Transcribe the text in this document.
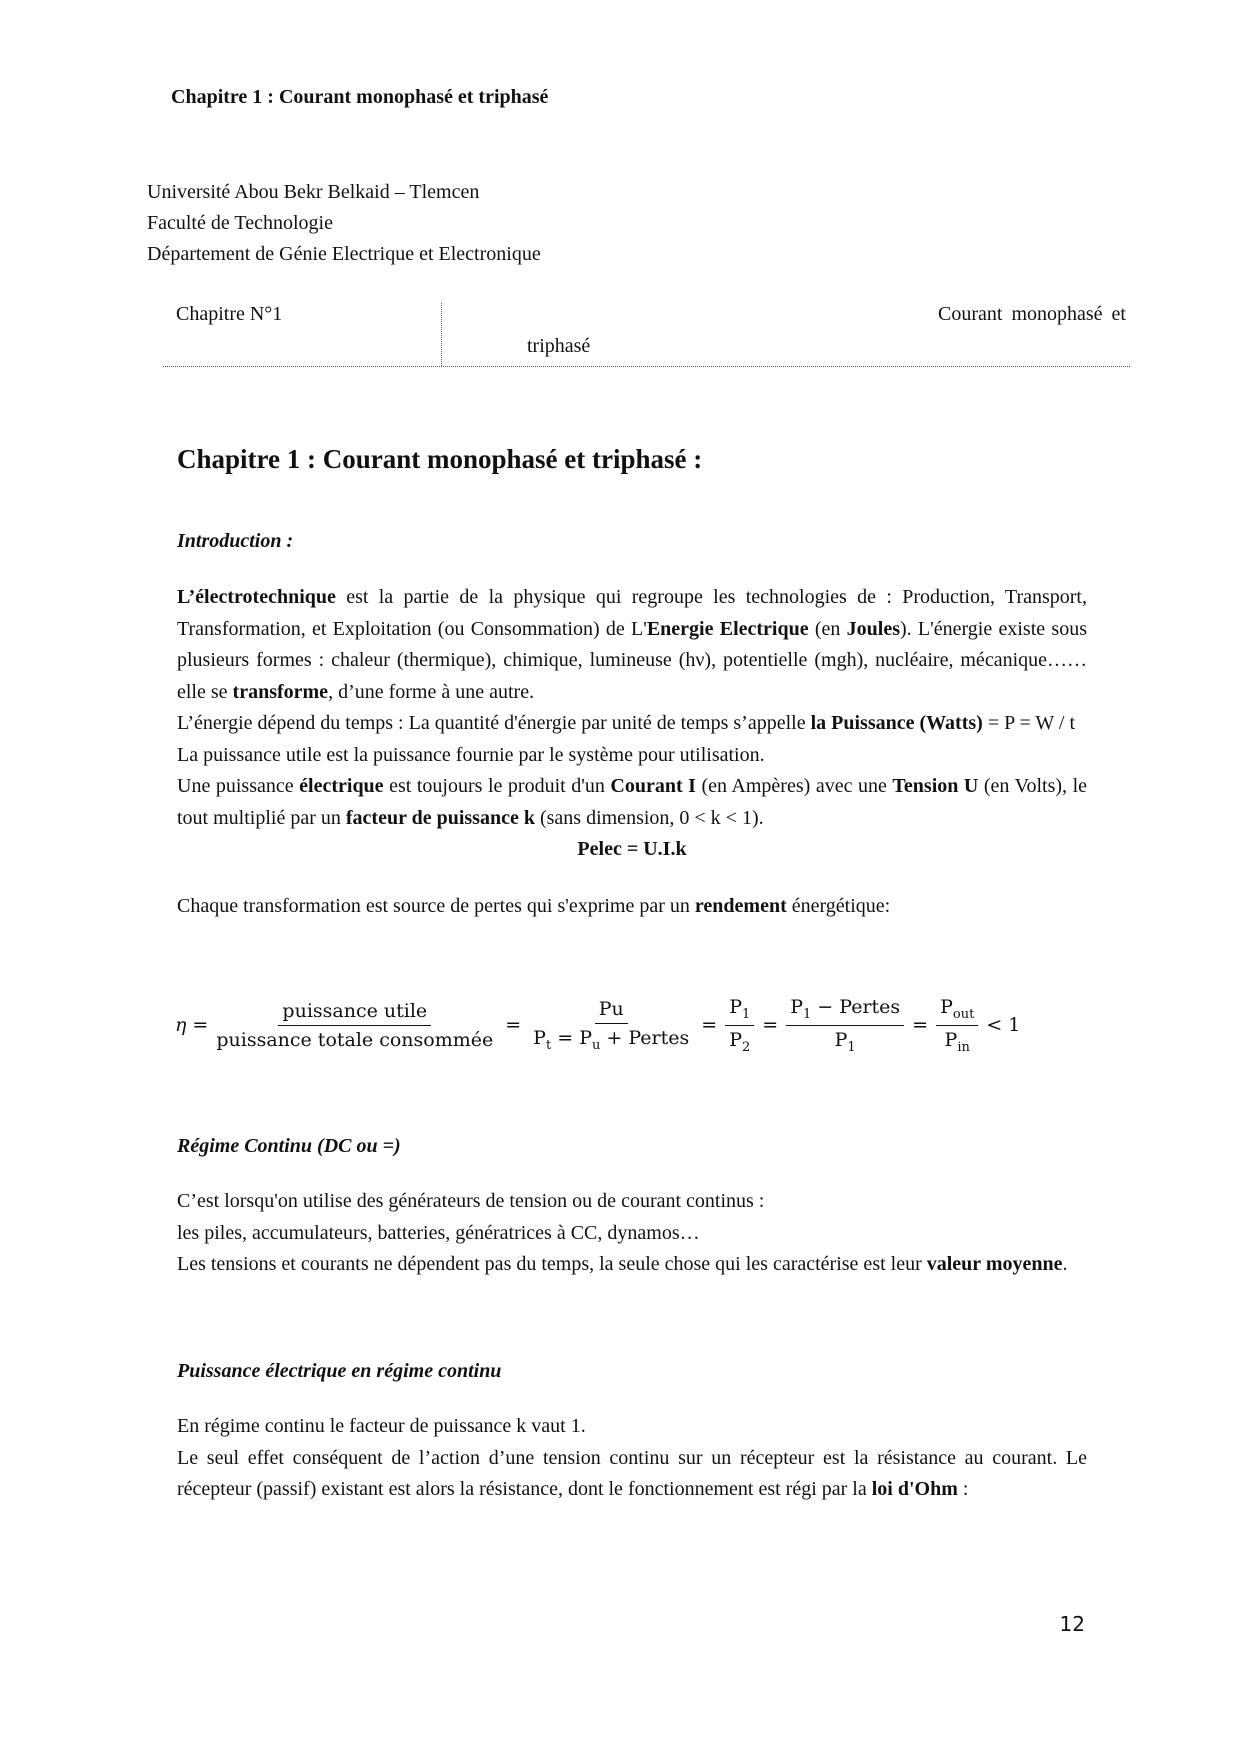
Chapitre 1 : Courant monophasé et triphasé
Université Abou Bekr Belkaid – Tlemcen
Faculté de Technologie
Département de Génie Electrique et Electronique
Chapitre N°1	Courant monophasé et
triphasé
Chapitre 1 : Courant monophasé et triphasé :
Introduction :

L’électrotechnique est la partie de la physique qui regroupe les technologies de : Production, Transport, Transformation, et Exploitation (ou Consommation) de L'Energie Electrique (en Joules). L'énergie existe sous plusieurs formes : chaleur (thermique), chimique, lumineuse (hν), potentielle (mgh), nucléaire, mécanique…… elle se transforme, d’une forme à une autre.

L’énergie dépend du temps : La quantité d'énergie par unité de temps s’appelle la Puissance (Watts) = P = W / t

La puissance utile est la puissance fournie par le système pour utilisation.

Une puissance électrique est toujours le produit d'un Courant I (en Ampères) avec une Tension U (en Volts), le tout multiplié par un facteur de puissance k (sans dimension, 0 < k < 1).

Pelec = U.I.k

Chaque transformation est source de pertes qui s'exprime par un rendement énergétique:

$\eta = \frac{\text{puissance utile}}{\text{puissance totale consommée}} = \frac{Pu}{P_t = P_u + Pertes} = \frac{P_1}{P_2} = \frac{P_1 - Pertes}{P_1} = \frac{P_{out}}{P_{in}} < 1$
Régime Continu (DC ou =)

C’est lorsqu'on utilise des générateurs de tension ou de courant continus :

les piles, accumulateurs, batteries, génératrices à CC, dynamos…

Les tensions et courants ne dépendent pas du temps, la seule chose qui les caractérise est leur valeur moyenne.

Puissance électrique en régime continu

En régime continu le facteur de puissance k vaut 1.

Le seul effet conséquent de l’action d’une tension continu sur un récepteur est la résistance au courant. Le récepteur (passif) existant est alors la résistance, dont le fonctionnement est régi par la loi d'Ohm :

12
